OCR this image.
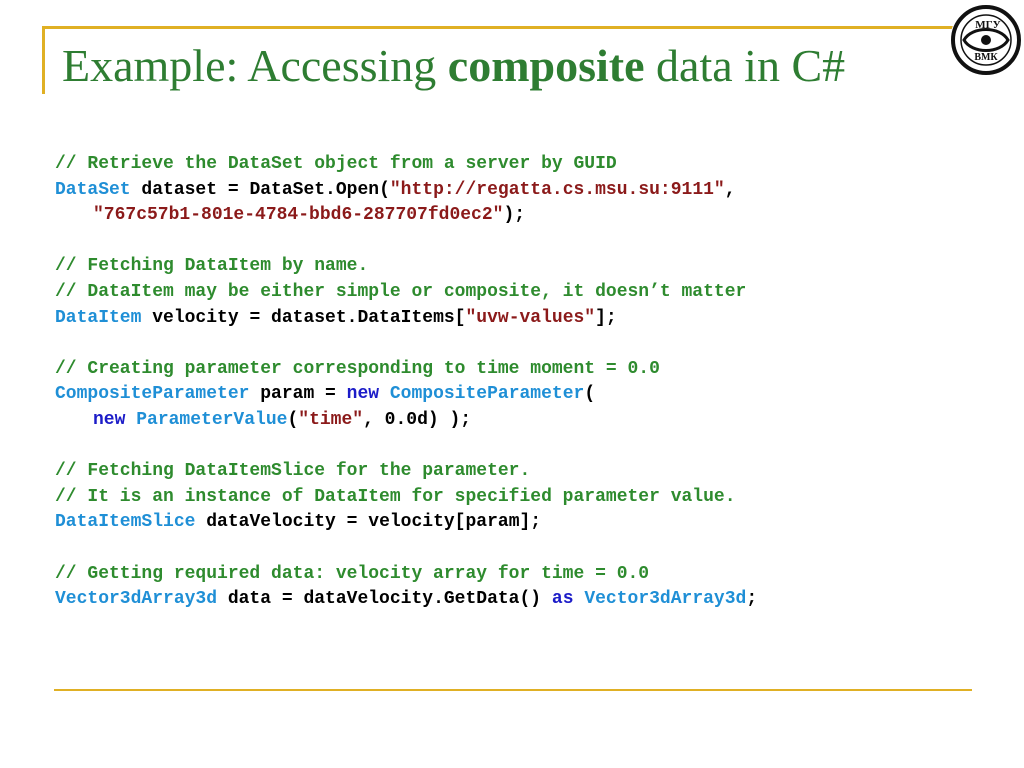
Example: Accessing composite data in C#
МГУ
ВМК
// Retrieve the DataSet object from a server by GUID
DataSet dataset = DataSet.Open("http://regatta.cs.msu.su:9111",
"767c57b1-801e-4784-bbd6-287707fd0ec2");
// Fetching DataItem by name.
// DataItem may be either simple or composite, it doesn’t matter
DataItem velocity = dataset.DataItems["uvw-values"];
// Creating parameter corresponding to time moment = 0.0
CompositeParameter param = new CompositeParameter(
new ParameterValue("time", 0.0d) );
// Fetching DataItemSlice for the parameter.
// It is an instance of DataItem for specified parameter value.
DataItemSlice dataVelocity = velocity[param];
// Getting required data: velocity array for time = 0.0
Vector3dArray3d data = dataVelocity.GetData() as Vector3dArray3d;
